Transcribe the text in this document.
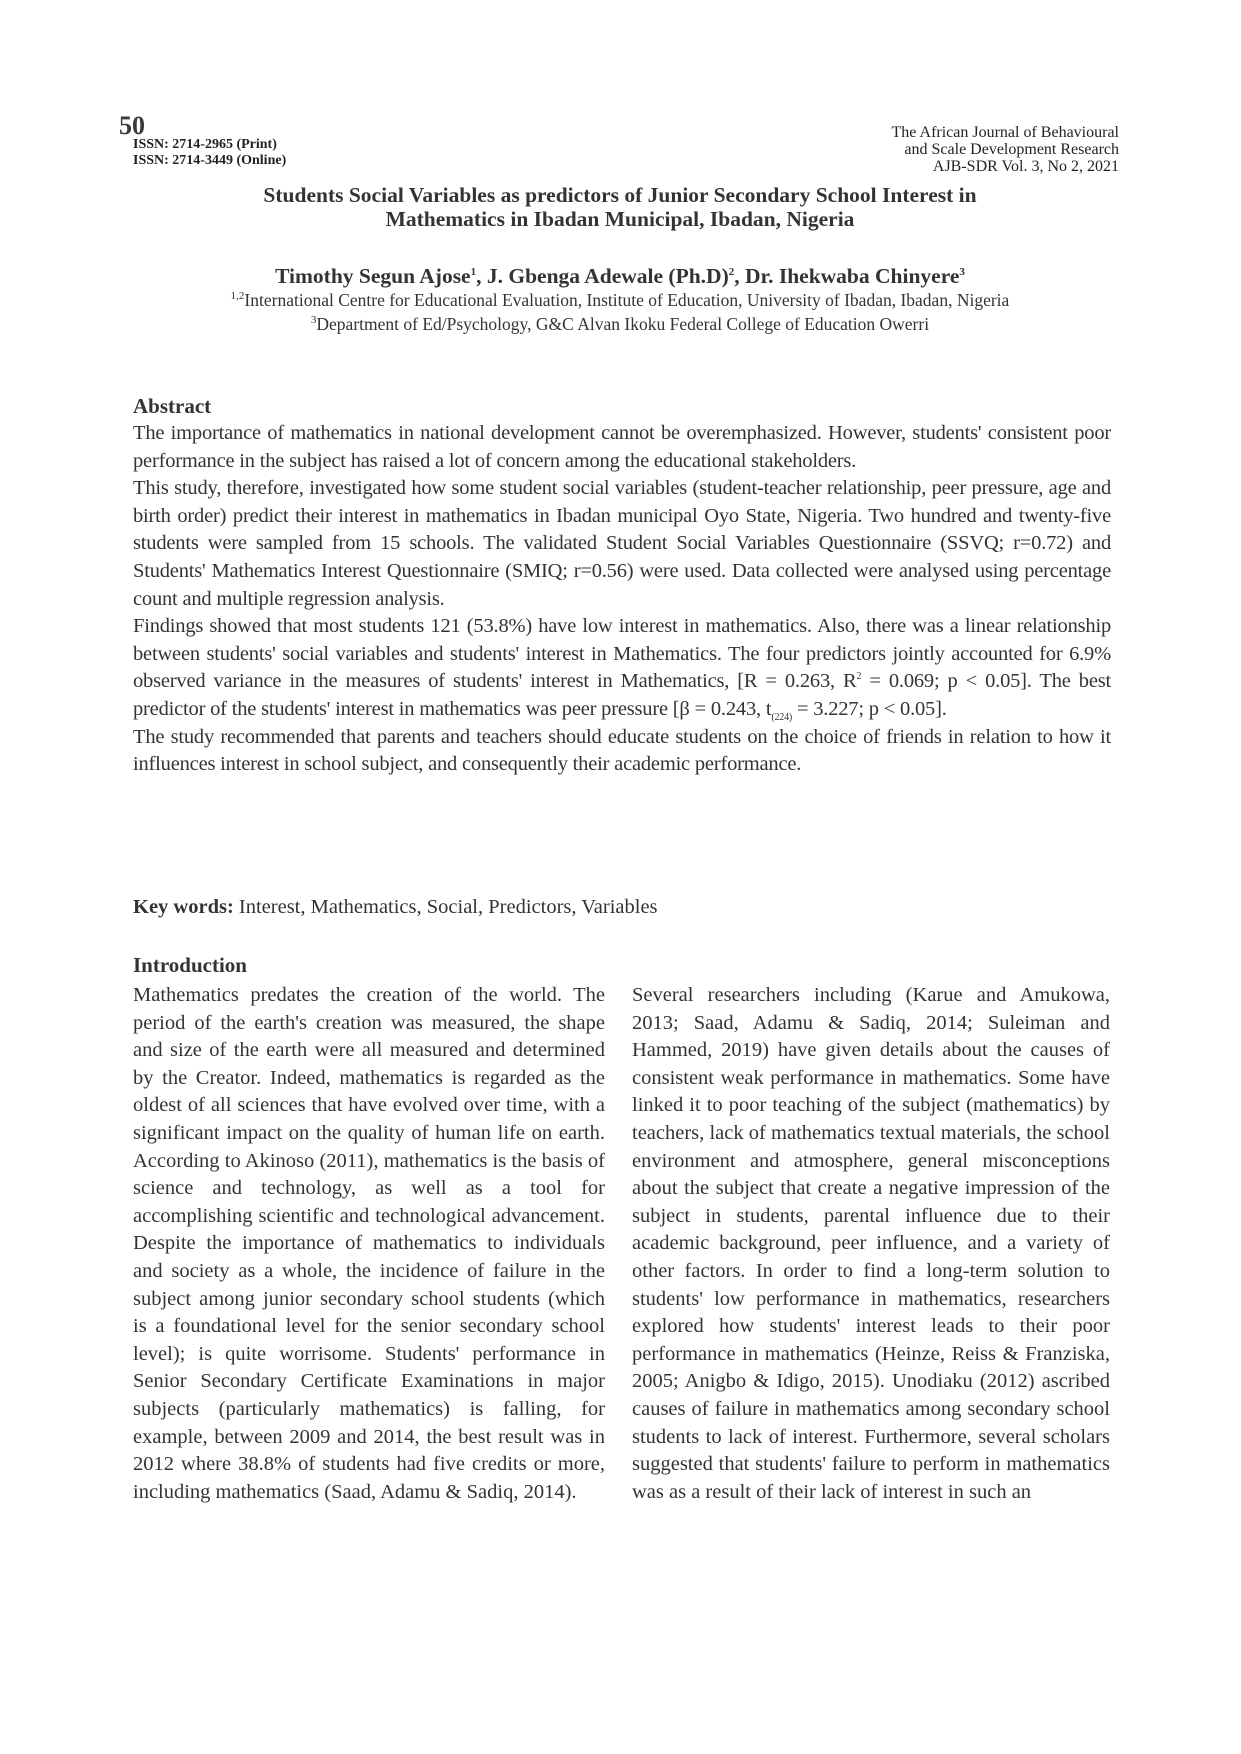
50
ISSN: 2714-2965 (Print)
ISSN: 2714-3449 (Online)
The African Journal of Behavioural
and Scale Development Research
AJB-SDR Vol. 3, No 2, 2021
Students Social Variables as predictors of Junior Secondary School Interest in
Mathematics in Ibadan Municipal, Ibadan, Nigeria
Timothy Segun Ajose$^1$, J. Gbenga Adewale $(Ph.D)^2$, Dr. Ihekwaba Chinyere$^3$
$^{1,2}$International Centre for Educational Evaluation, Institute of Education, University of Ibadan, Ibadan, Nigeria
$^3$Department of Ed/Psychology, G&C Alvan Ikoku Federal College of Education Owerri
Abstract

The importance of mathematics in national development cannot be overemphasized. However, students' consistent poor performance in the subject has raised a lot of concern among the educational stakeholders.

This study, therefore, investigated how some student social variables (student-teacher relationship, peer pressure, age and birth order) predict their interest in mathematics in Ibadan municipal Oyo State, Nigeria. Two hundred and twenty-five students were sampled from 15 schools. The validated Student Social Variables Questionnaire (SSVQ; r=0.72) and Students' Mathematics Interest Questionnaire (SMIQ; r=0.56) were used. Data collected were analysed using percentage count and multiple regression analysis.

Findings showed that most students 121 (53.8%) have low interest in mathematics. Also, there was a linear relationship between students' social variables and students' interest in Mathematics. The four predictors jointly accounted for 6.9% observed variance in the measures of students' interest in Mathematics, [R = 0.263, $R^2 = 0.069$; p < 0.05]. The best predictor of the students' interest in mathematics was peer pressure [β = 0.243, $t_{(224)} = 3.227$; p < 0.05].

The study recommended that parents and teachers should educate students on the choice of friends in relation to how it influences interest in school subject, and consequently their academic performance.

Key words: Interest, Mathematics, Social, Predictors, Variables
Introduction

Mathematics predates the creation of the world. The period of the earth's creation was measured, the shape and size of the earth were all measured and determined by the Creator. Indeed, mathematics is regarded as the oldest of all sciences that have evolved over time, with a significant impact on the quality of human life on earth. According to Akinoso (2011), mathematics is the basis of science and technology, as well as a tool for accomplishing scientific and technological advancement. Despite the importance of mathematics to individuals and society as a whole, the incidence of failure in the subject among junior secondary school students (which is a foundational level for the senior secondary school level); is quite worrisome. Students' performance in Senior Secondary Certificate Examinations in major subjects (particularly mathematics) is falling, for example, between 2009 and 2014, the best result was in 2012 where 38.8% of students had five credits or more, including mathematics (Saad, Adamu & Sadiq, 2014).

Several researchers including (Karue and Amukowa, 2013; Saad, Adamu & Sadiq, 2014; Suleiman and Hammed, 2019) have given details about the causes of consistent weak performance in mathematics. Some have linked it to poor teaching of the subject (mathematics) by teachers, lack of mathematics textual materials, the school environment and atmosphere, general misconceptions about the subject that create a negative impression of the subject in students, parental influence due to their academic background, peer influence, and a variety of other factors. In order to find a long-term solution to students' low performance in mathematics, researchers explored how students' interest leads to their poor performance in mathematics (Heinze, Reiss & Franziska, 2005; Anigbo & Idigo, 2015). Unodiaku (2012) ascribed causes of failure in mathematics among secondary school students to lack of interest. Furthermore, several scholars suggested that students' failure to perform in mathematics was as a result of their lack of interest in such an
